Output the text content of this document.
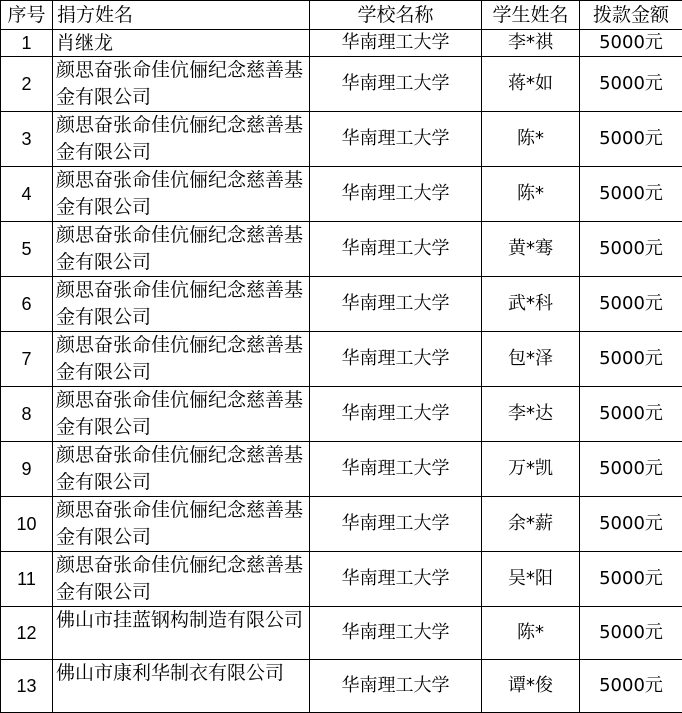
序号	捐方姓名	学校名称	学生姓名	拨款金额
1	肖继龙	华南理工大学	李*祺	5000元
2	颜思奋张命佳伉俪纪念慈善基金有限公司	华南理工大学	蒋*如	5000元
3	颜思奋张命佳伉俪纪念慈善基金有限公司	华南理工大学	陈*	5000元
4	颜思奋张命佳伉俪纪念慈善基金有限公司	华南理工大学	陈*	5000元
5	颜思奋张命佳伉俪纪念慈善基金有限公司	华南理工大学	黄*骞	5000元
6	颜思奋张命佳伉俪纪念慈善基金有限公司	华南理工大学	武*科	5000元
7	颜思奋张命佳伉俪纪念慈善基金有限公司	华南理工大学	包*泽	5000元
8	颜思奋张命佳伉俪纪念慈善基金有限公司	华南理工大学	李*达	5000元
9	颜思奋张命佳伉俪纪念慈善基金有限公司	华南理工大学	万*凯	5000元
10	颜思奋张命佳伉俪纪念慈善基金有限公司	华南理工大学	余*薪	5000元
11	颜思奋张命佳伉俪纪念慈善基金有限公司	华南理工大学	吴*阳	5000元
12	佛山市挂蓝钢构制造有限公司	华南理工大学	陈*	5000元
13	佛山市康利华制衣有限公司	华南理工大学	谭*俊	5000元
